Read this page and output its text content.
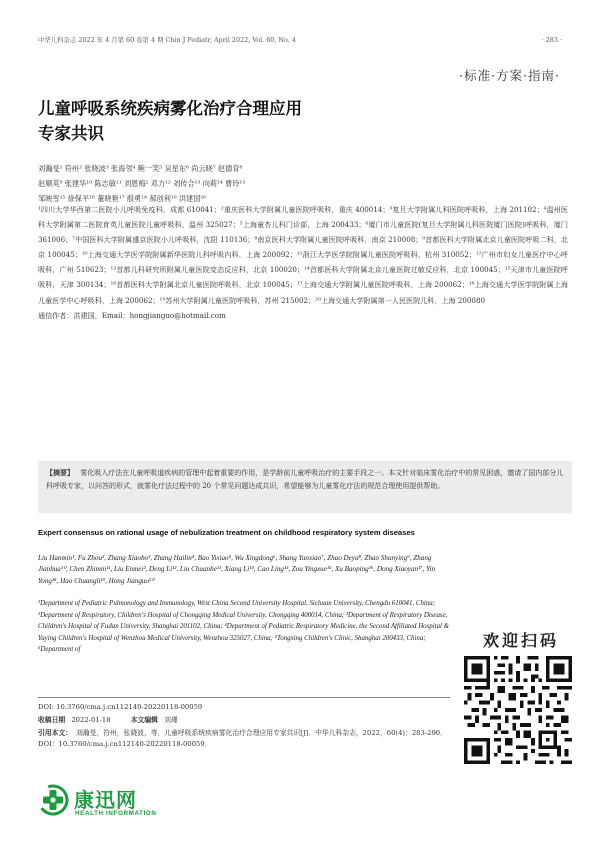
中华儿科杂志 2022 年 4 月第 60 卷第 4 期 Chin J Pediatr, April 2022, Vol. 60, No. 4	· 283 ·
·标准·方案·指南·
儿童呼吸系统疾病雾化治疗合理应用
专家共识
刘瀚旻¹ 符州² 张晓波³ 张海邻⁴ 鲍一笑⁵ 吴星东⁶ 尚云晓⁷ 赵德育⁸
赵顺英⁹ 张建华¹⁰ 陈志敏¹¹ 刘恩梅² 邓力¹² 刘传合¹³ 向莉¹⁴ 曹玲¹³
邹映雪¹⁵ 徐保平¹⁶ 董晓艳¹⁷ 殷勇¹⁸ 郝创利¹⁹ 洪建国²⁰
¹四川大学华西第二医院小儿呼吸免疫科，成都 610041；²重庆医科大学附属儿童医院呼吸科，重庆 400014；³复旦大学附属儿科医院呼吸科，上海 201102；⁴温州医科大学附属第二医院育英儿童医院儿童呼吸科，温州 325027；⁵上海童杏儿科门诊部，上海 200433；⁶厦门市儿童医院(复旦大学附属儿科医院厦门医院)呼吸科，厦门 361006；⁷中国医科大学附属盛京医院小儿呼吸科，沈阳 110136；⁸南京医科大学附属儿童医院呼吸科，南京 210008；⁹首都医科大学附属北京儿童医院呼吸二科，北京 100045；¹⁰上海交通大学医学院附属新华医院儿科呼吸内科，上海 200092；¹¹浙江大学医学院附属儿童医院呼吸科，杭州 310052；¹²广州市妇女儿童医疗中心呼吸科，广州 510623；¹³首都儿科研究所附属儿童医院变态反应科，北京 100020；¹⁴首都医科大学附属北京儿童医院过敏反应科，北京 100045；¹⁵天津市儿童医院呼吸科，天津 300134；¹⁶首都医科大学附属北京儿童医院呼吸科，北京 100045；¹⁷上海交通大学附属儿童医院呼吸科，上海 200062；¹⁸上海交通大学医学院附属上海儿童医学中心呼吸科，上海 200062；¹⁹苏州大学附属儿童医院呼吸科，苏州 215002；²⁰上海交通大学附属第一人民医院儿科，上海 200080
通信作者：洪建国，Email：hongjianguo@hotmail.com
【摘要】 雾化吸入疗法在儿童呼吸道疾病的管理中起着重要的作用，是学龄前儿童呼吸治疗的主要手段之一。本文针对临床雾化治疗中的常见困惑，邀请了国内部分儿科呼吸专家，以问答的形式，就雾化疗法过程中的 20 个常见问题达成共识，希望能够为儿童雾化疗法的规范合理使用提供帮助。
Expert consensus on rational usage of nebulization treatment on childhood respiratory system diseases
Liu Hanmin¹, Fu Zhou², Zhang Xiaobo³, Zhang Hailin⁴, Bao Yixiao⁵, Wu Xingdong⁶, Shang Yunxiao⁷, Zhao Deyu⁸, Zhao Shunying⁹, Zhang Jianhua¹⁰, Chen Zhimin¹¹, Liu Enmei², Deng Li¹², Liu Chuanhe¹³, Xiang Li¹⁴, Cao Ling¹³, Zou Yingxue¹⁵, Xu Baoping¹⁶, Dong Xiaoyan¹⁷, Yin Yong¹⁸, Hao Chuangli¹⁹, Hong Jianguo²⁰
¹Department of Pediatric Pulmonology and Immunology, West China Second University Hospital, Sichuan University, Chengdu 610041, China; ²Department of Respiratory, Children's Hospital of Chongqing Medical University, Chongqing 400014, China; ³Department of Respiratory Disease, Children's Hospital of Fudan University, Shanghai 201102, China; ⁴Department of Pediatric Respiratory Medicine, the Second Affiliated Hospital & Yuying Children's Hospital of Wenzhou Medical University, Wenzhou 325027, China; ⁵Tongxing Children's Clinic, Shanghai 200433, China; ⁶Department of
DOI: 10.3760/cma.j.cn112140-20220118-00059
收稿日期 2022-01-18	本文编辑 刘瑾
引用本文： 刘瀚旻，符州，张晓波，等．儿童呼吸系统疾病雾化治疗合理应用专家共识[J]．中华儿科杂志，2022，60(4)：283-290．DOI：10.3760/cma.j.cn112140-20220118-00059．
欢迎扫码
康迅网
HEALTH INFORMATION
